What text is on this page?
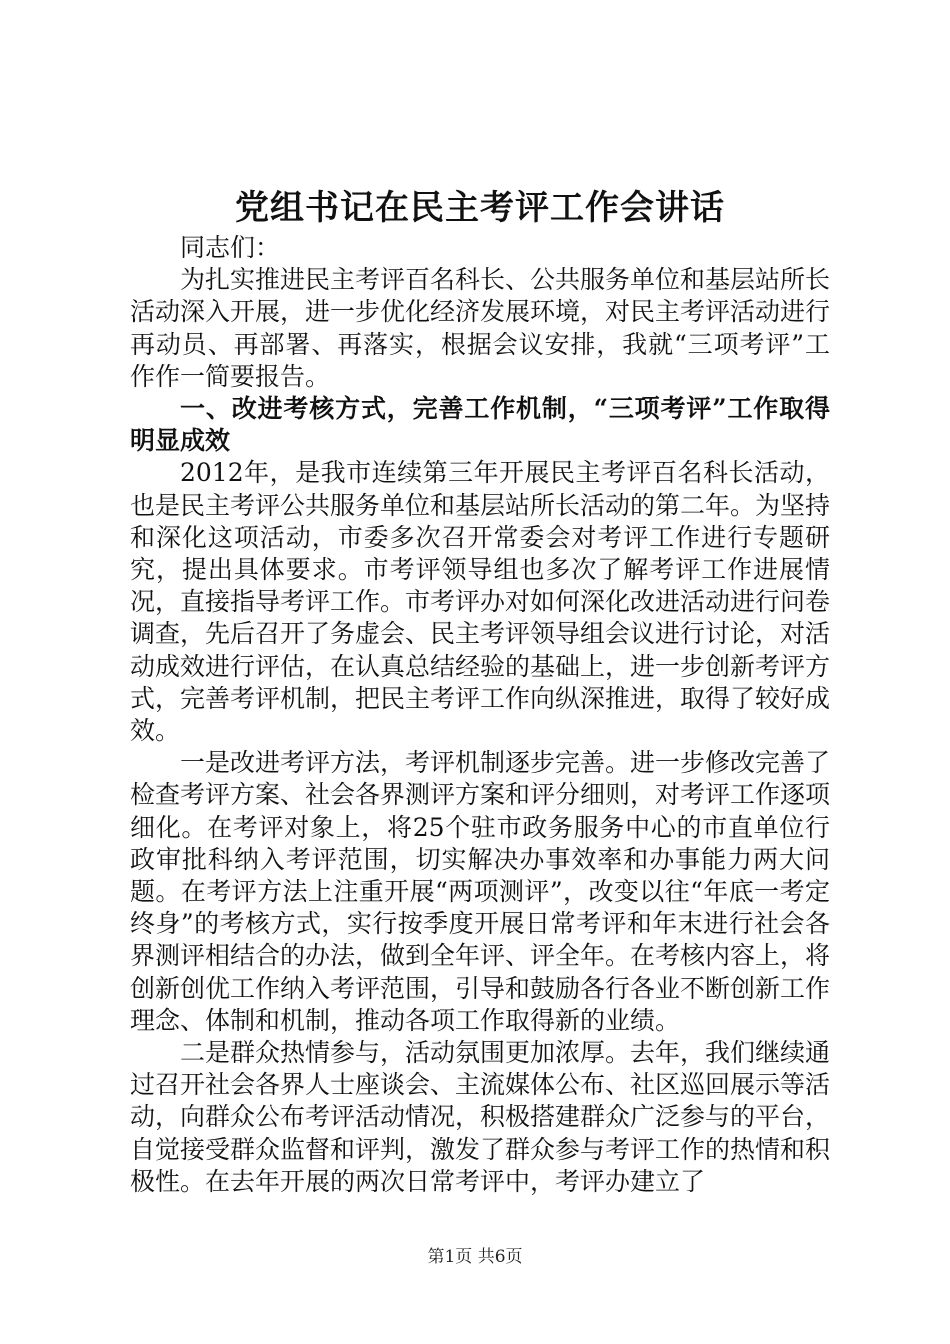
党组书记在民主考评工作会讲话

同志们：

为扎实推进民主考评百名科长、公共服务单位和基层站所长活动深入开展，进一步优化经济发展环境，对民主考评活动进行再动员、再部署、再落实，根据会议安排，我就“三项考评”工作作一简要报告。

一、改进考核方式，完善工作机制，“三项考评”工作取得明显成效

2012年，是我市连续第三年开展民主考评百名科长活动，也是民主考评公共服务单位和基层站所长活动的第二年。为坚持和深化这项活动，市委多次召开常委会对考评工作进行专题研究，提出具体要求。市考评领导组也多次了解考评工作进展情况，直接指导考评工作。市考评办对如何深化改进活动进行问卷调查，先后召开了务虚会、民主考评领导组会议进行讨论，对活动成效进行评估，在认真总结经验的基础上，进一步创新考评方式，完善考评机制，把民主考评工作向纵深推进，取得了较好成效。

一是改进考评方法，考评机制逐步完善。进一步修改完善了检查考评方案、社会各界测评方案和评分细则，对考评工作逐项细化。在考评对象上，将25个驻市政务服务中心的市直单位行政审批科纳入考评范围，切实解决办事效率和办事能力两大问题。在考评方法上注重开展“两项测评”，改变以往“年底一考定终身”的考核方式，实行按季度开展日常考评和年末进行社会各界测评相结合的办法，做到全年评、评全年。在考核内容上，将创新创优工作纳入考评范围，引导和鼓励各行各业不断创新工作理念、体制和机制，推动各项工作取得新的业绩。

二是群众热情参与，活动氛围更加浓厚。去年，我们继续通过召开社会各界人士座谈会、主流媒体公布、社区巡回展示等活动，向群众公布考评活动情况，积极搭建群众广泛参与的平台，自觉接受群众监督和评判，激发了群众参与考评工作的热情和积极性。在去年开展的两次日常考评中，考评办建立了

第1页 共6页
